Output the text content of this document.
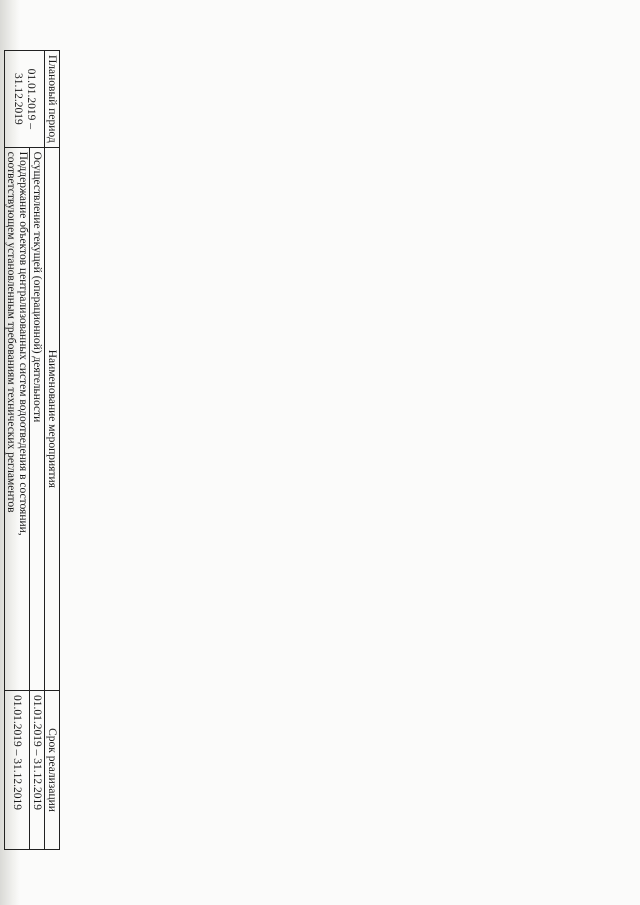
Плановый период	Наименование мероприятия	Срок реализации

01.01.2019 –
31.12.2019	Осуществление текущей (операционной) деятельности	01.01.2019 – 31.12.2019

	Поддержание объектов централизованных систем водоотведения в состоянии,
соответствующем установленным требованиям технических регламентов	01.01.2019 – 31.12.2019
